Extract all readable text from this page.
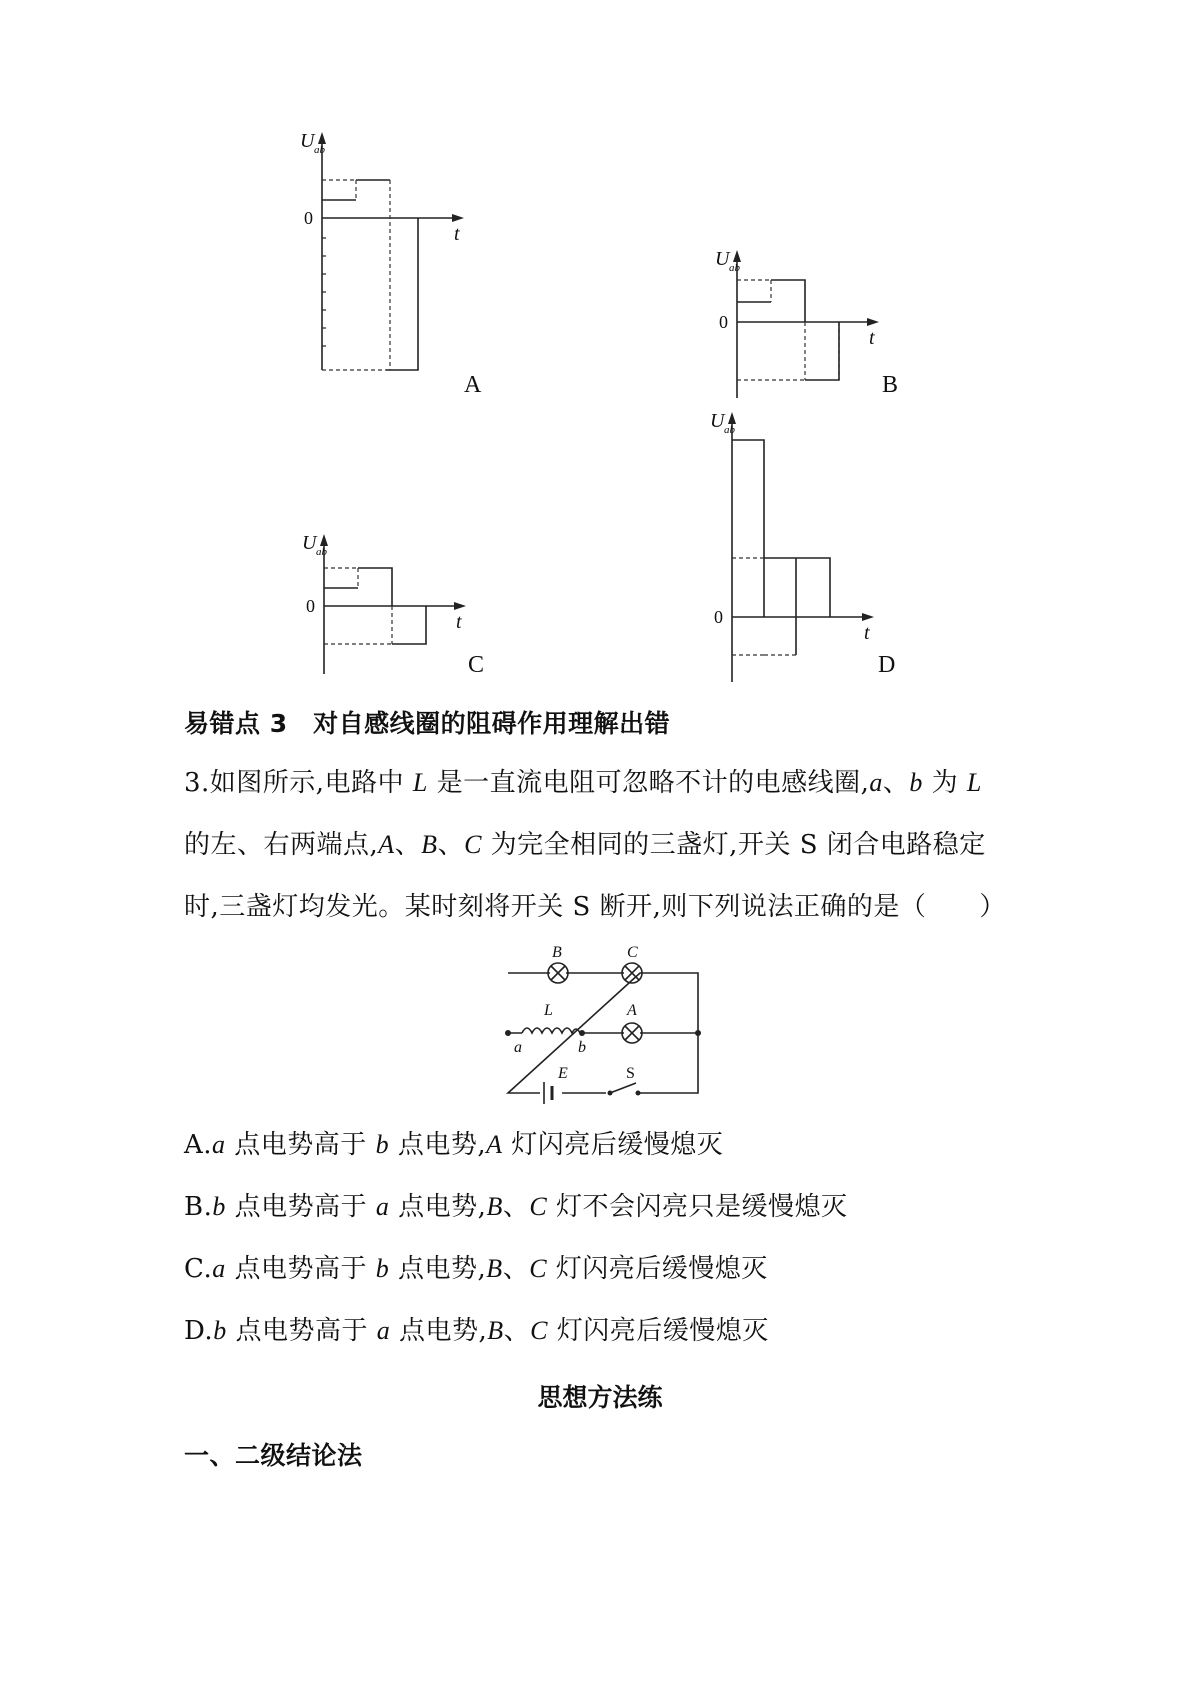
U ab
0
t
A
U ab
0
t
B
U ab
0
t
C
U ab
0
t
D
易错点 3　对自感线圈的阻碍作用理解出错
3.如图所示,电路中 L 是一直流电阻可忽略不计的电感线圈,a、b 为 L
的左、右两端点,A、B、C 为完全相同的三盏灯,开关 S 闭合电路稳定
时,三盏灯均发光。某时刻将开关 S 断开,则下列说法正确的是（　　）
B	C
L	A
a	b
E	S
A.a 点电势高于 b 点电势,A 灯闪亮后缓慢熄灭
B.b 点电势高于 a 点电势,B、C 灯不会闪亮只是缓慢熄灭
C.a 点电势高于 b 点电势,B、C 灯闪亮后缓慢熄灭
D.b 点电势高于 a 点电势,B、C 灯闪亮后缓慢熄灭
思想方法练
一、二级结论法
